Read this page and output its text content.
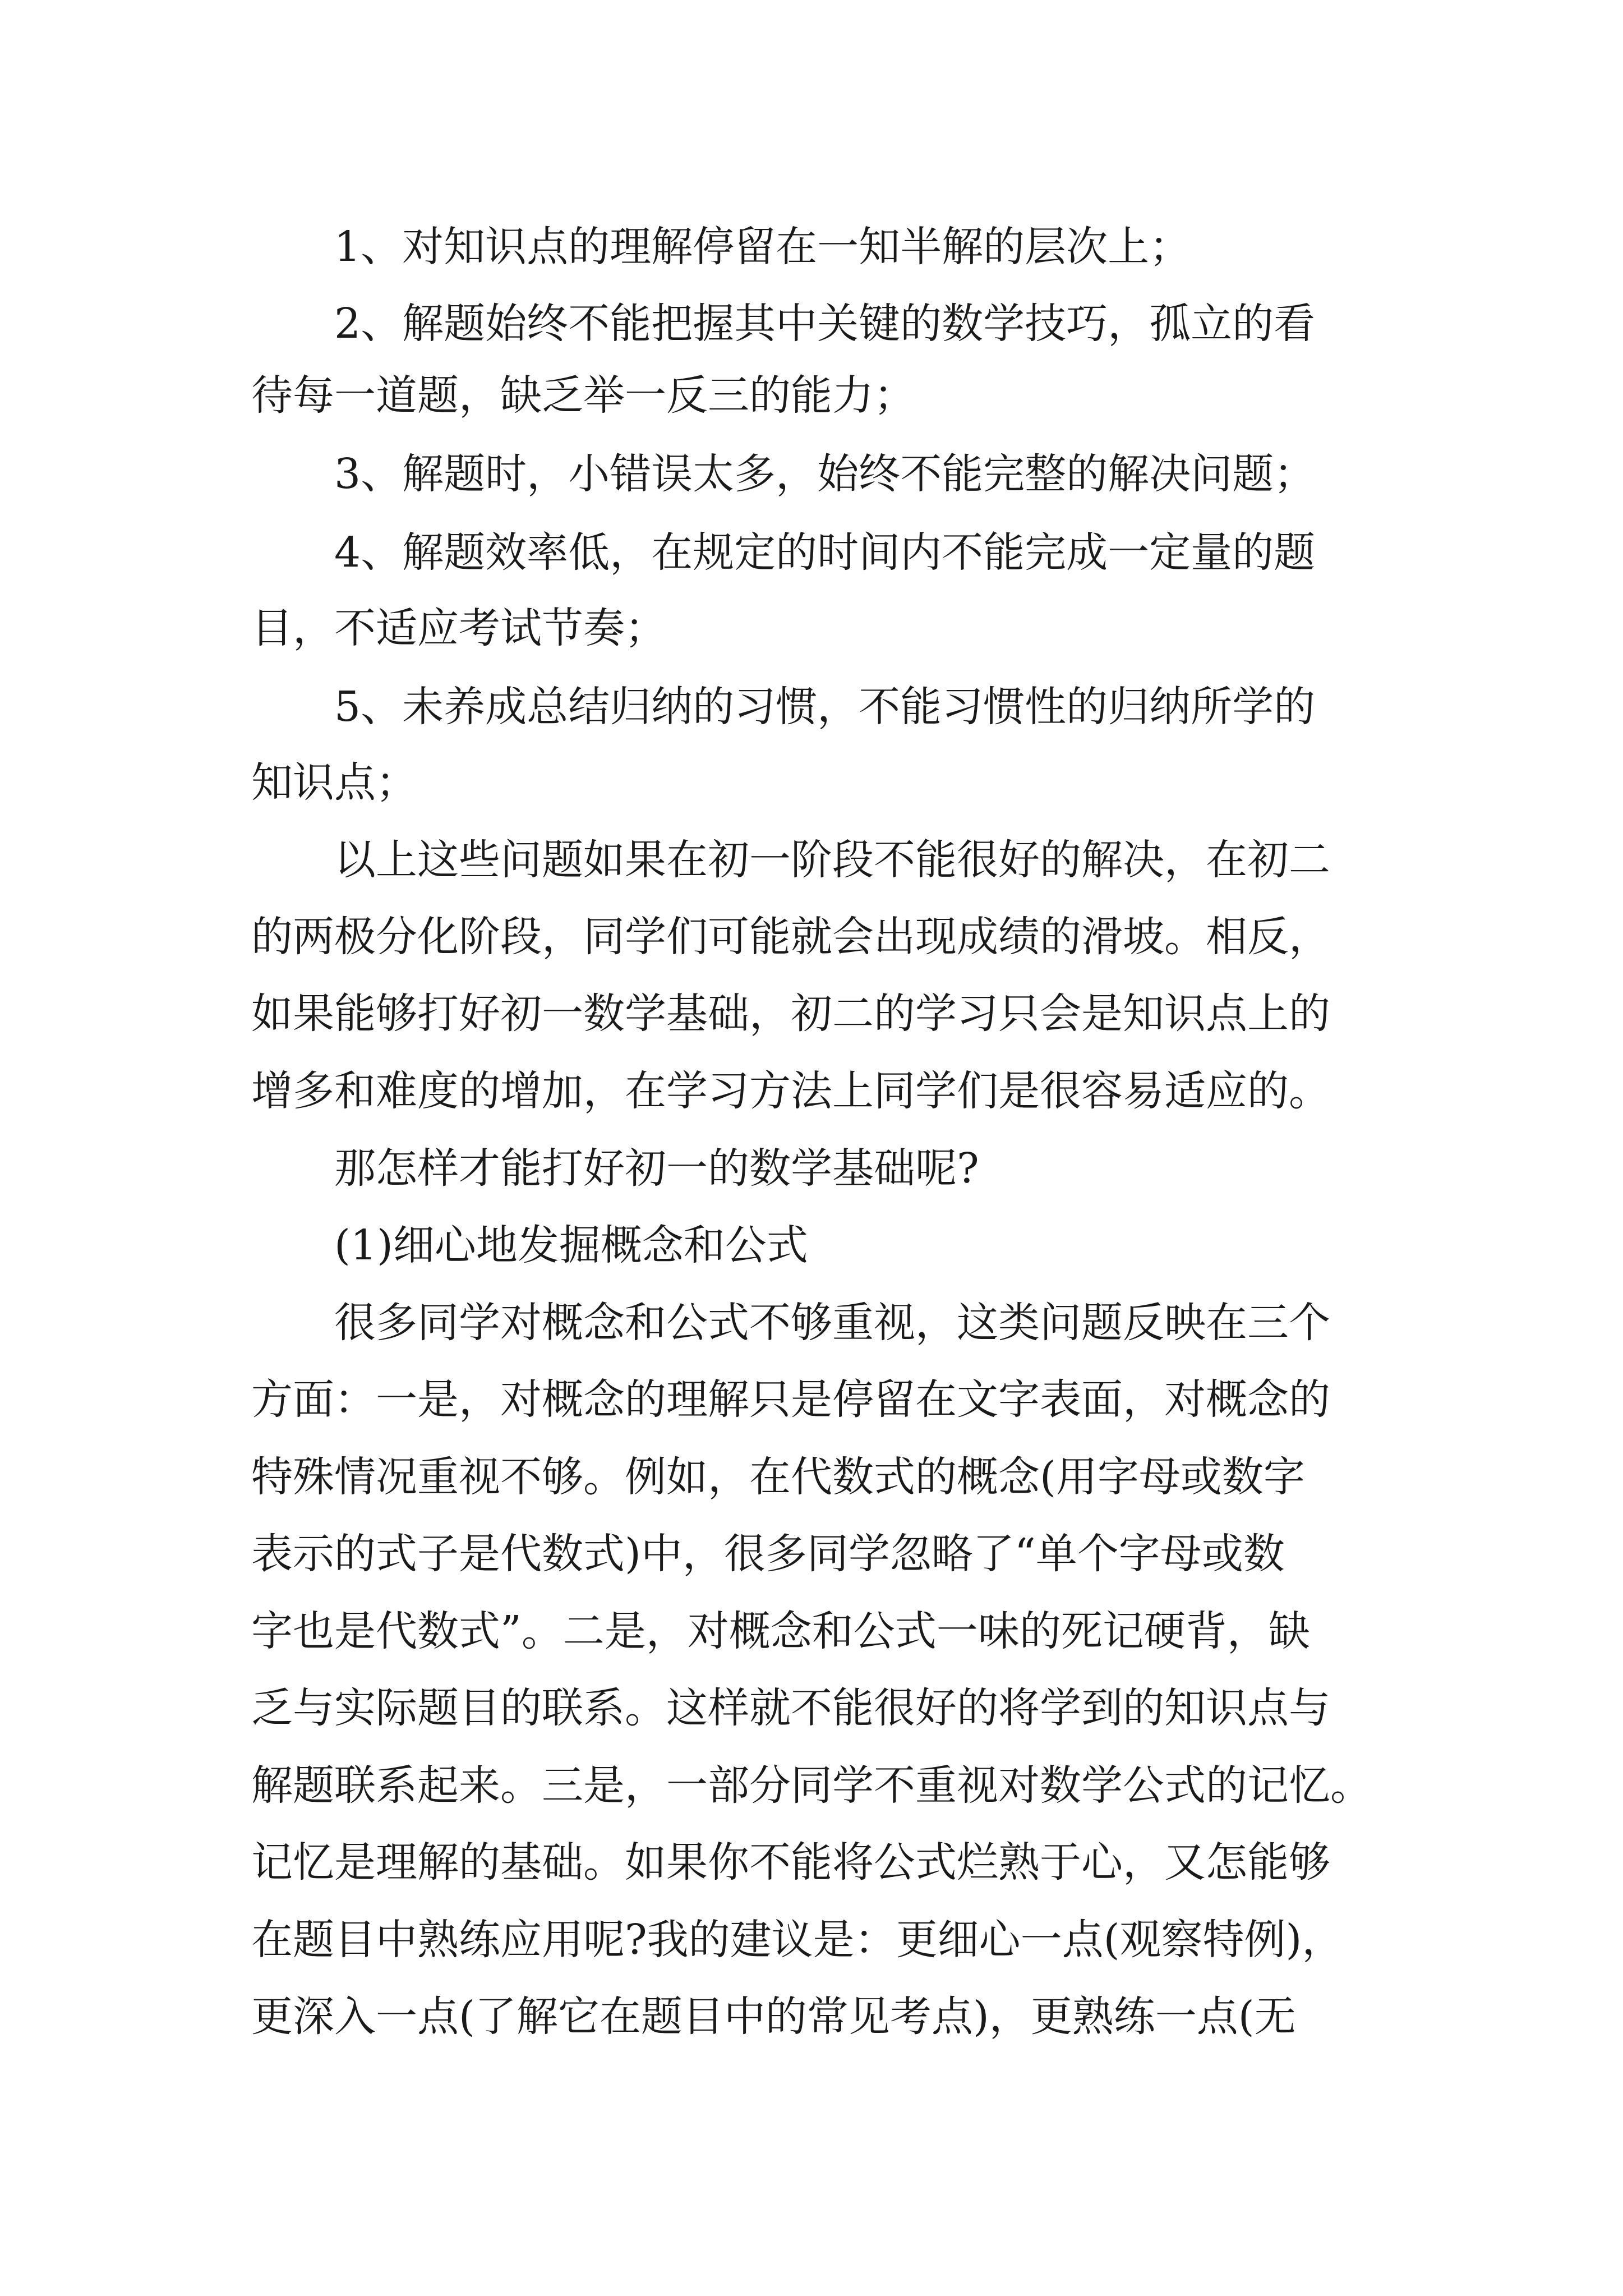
1、对知识点的理解停留在一知半解的层次上；
2、解题始终不能把握其中关键的数学技巧，孤立的看
待每一道题，缺乏举一反三的能力；
3、解题时，小错误太多，始终不能完整的解决问题；
4、解题效率低，在规定的时间内不能完成一定量的题
目，不适应考试节奏；
5、未养成总结归纳的习惯，不能习惯性的归纳所学的
知识点；
以上这些问题如果在初一阶段不能很好的解决，在初二
的两极分化阶段，同学们可能就会出现成绩的滑坡。相反，
如果能够打好初一数学基础，初二的学习只会是知识点上的
增多和难度的增加，在学习方法上同学们是很容易适应的。
那怎样才能打好初一的数学基础呢?
(1)细心地发掘概念和公式
很多同学对概念和公式不够重视，这类问题反映在三个
方面：一是，对概念的理解只是停留在文字表面，对概念的
特殊情况重视不够。例如，在代数式的概念(用字母或数字
表示的式子是代数式)中，很多同学忽略了“单个字母或数
字也是代数式”。二是，对概念和公式一味的死记硬背，缺
乏与实际题目的联系。这样就不能很好的将学到的知识点与
解题联系起来。三是，一部分同学不重视对数学公式的记忆。
记忆是理解的基础。如果你不能将公式烂熟于心，又怎能够
在题目中熟练应用呢?我的建议是：更细心一点(观察特例)，
更深入一点(了解它在题目中的常见考点)，更熟练一点(无
